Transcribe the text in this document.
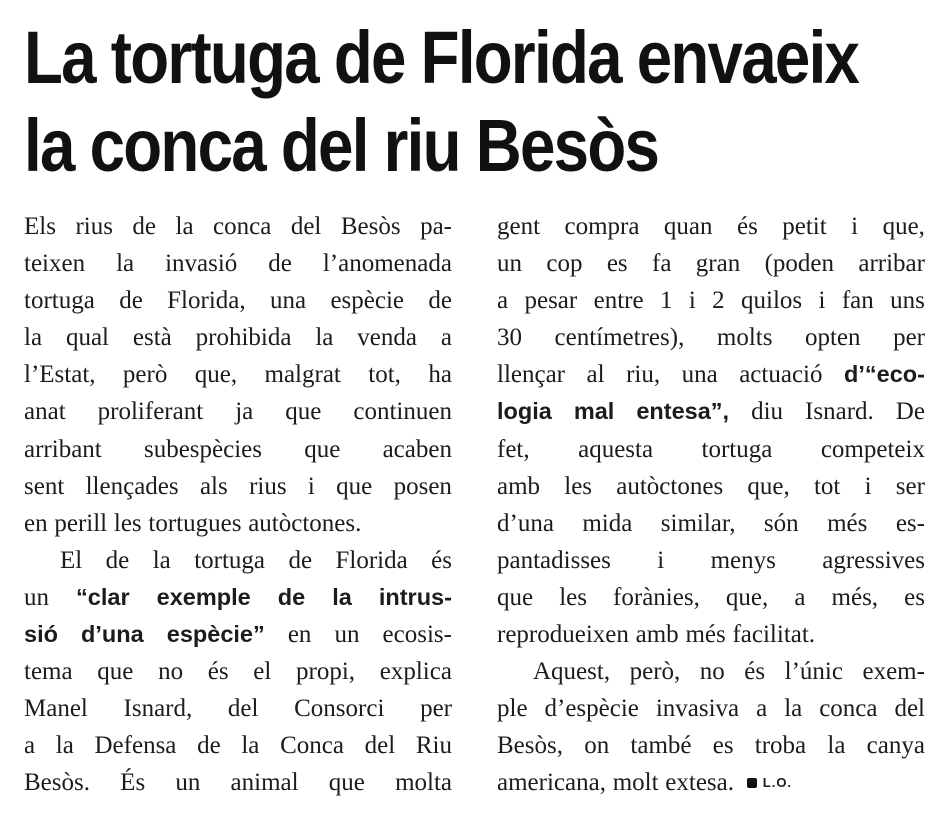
La tortuga de Florida envaeix
la conca del riu Besòs
Els rius de la conca del Besòs pa-
teixen la invasió de l’anomenada
tortuga de Florida, una espècie de
la qual està prohibida la venda a
l’Estat, però que, malgrat tot, ha
anat proliferant ja que continuen
arribant subespècies que acaben
sent llençades als rius i que posen
en perill les tortugues autòctones.
El de la tortuga de Florida és
un “clar exemple de la intrus-
sió d’una espècie” en un ecosis-
tema que no és el propi, explica
Manel Isnard, del Consorci per
a la Defensa de la Conca del Riu
Besòs. És un animal que molta
gent compra quan és petit i que,
un cop es fa gran (poden arribar
a pesar entre 1 i 2 quilos i fan uns
30 centímetres), molts opten per
llençar al riu, una actuació d’“eco-
logia mal entesa”, diu Isnard. De
fet, aquesta tortuga competeix
amb les autòctones que, tot i ser
d’una mida similar, són més es-
pantadisses i menys agressives
que les forànies, que, a més, es
reprodueixen amb més facilitat.
Aquest, però, no és l’únic exem-
ple d’espècie invasiva a la conca del
Besòs, on també es troba la canya
americana, molt extesa. L.O.
